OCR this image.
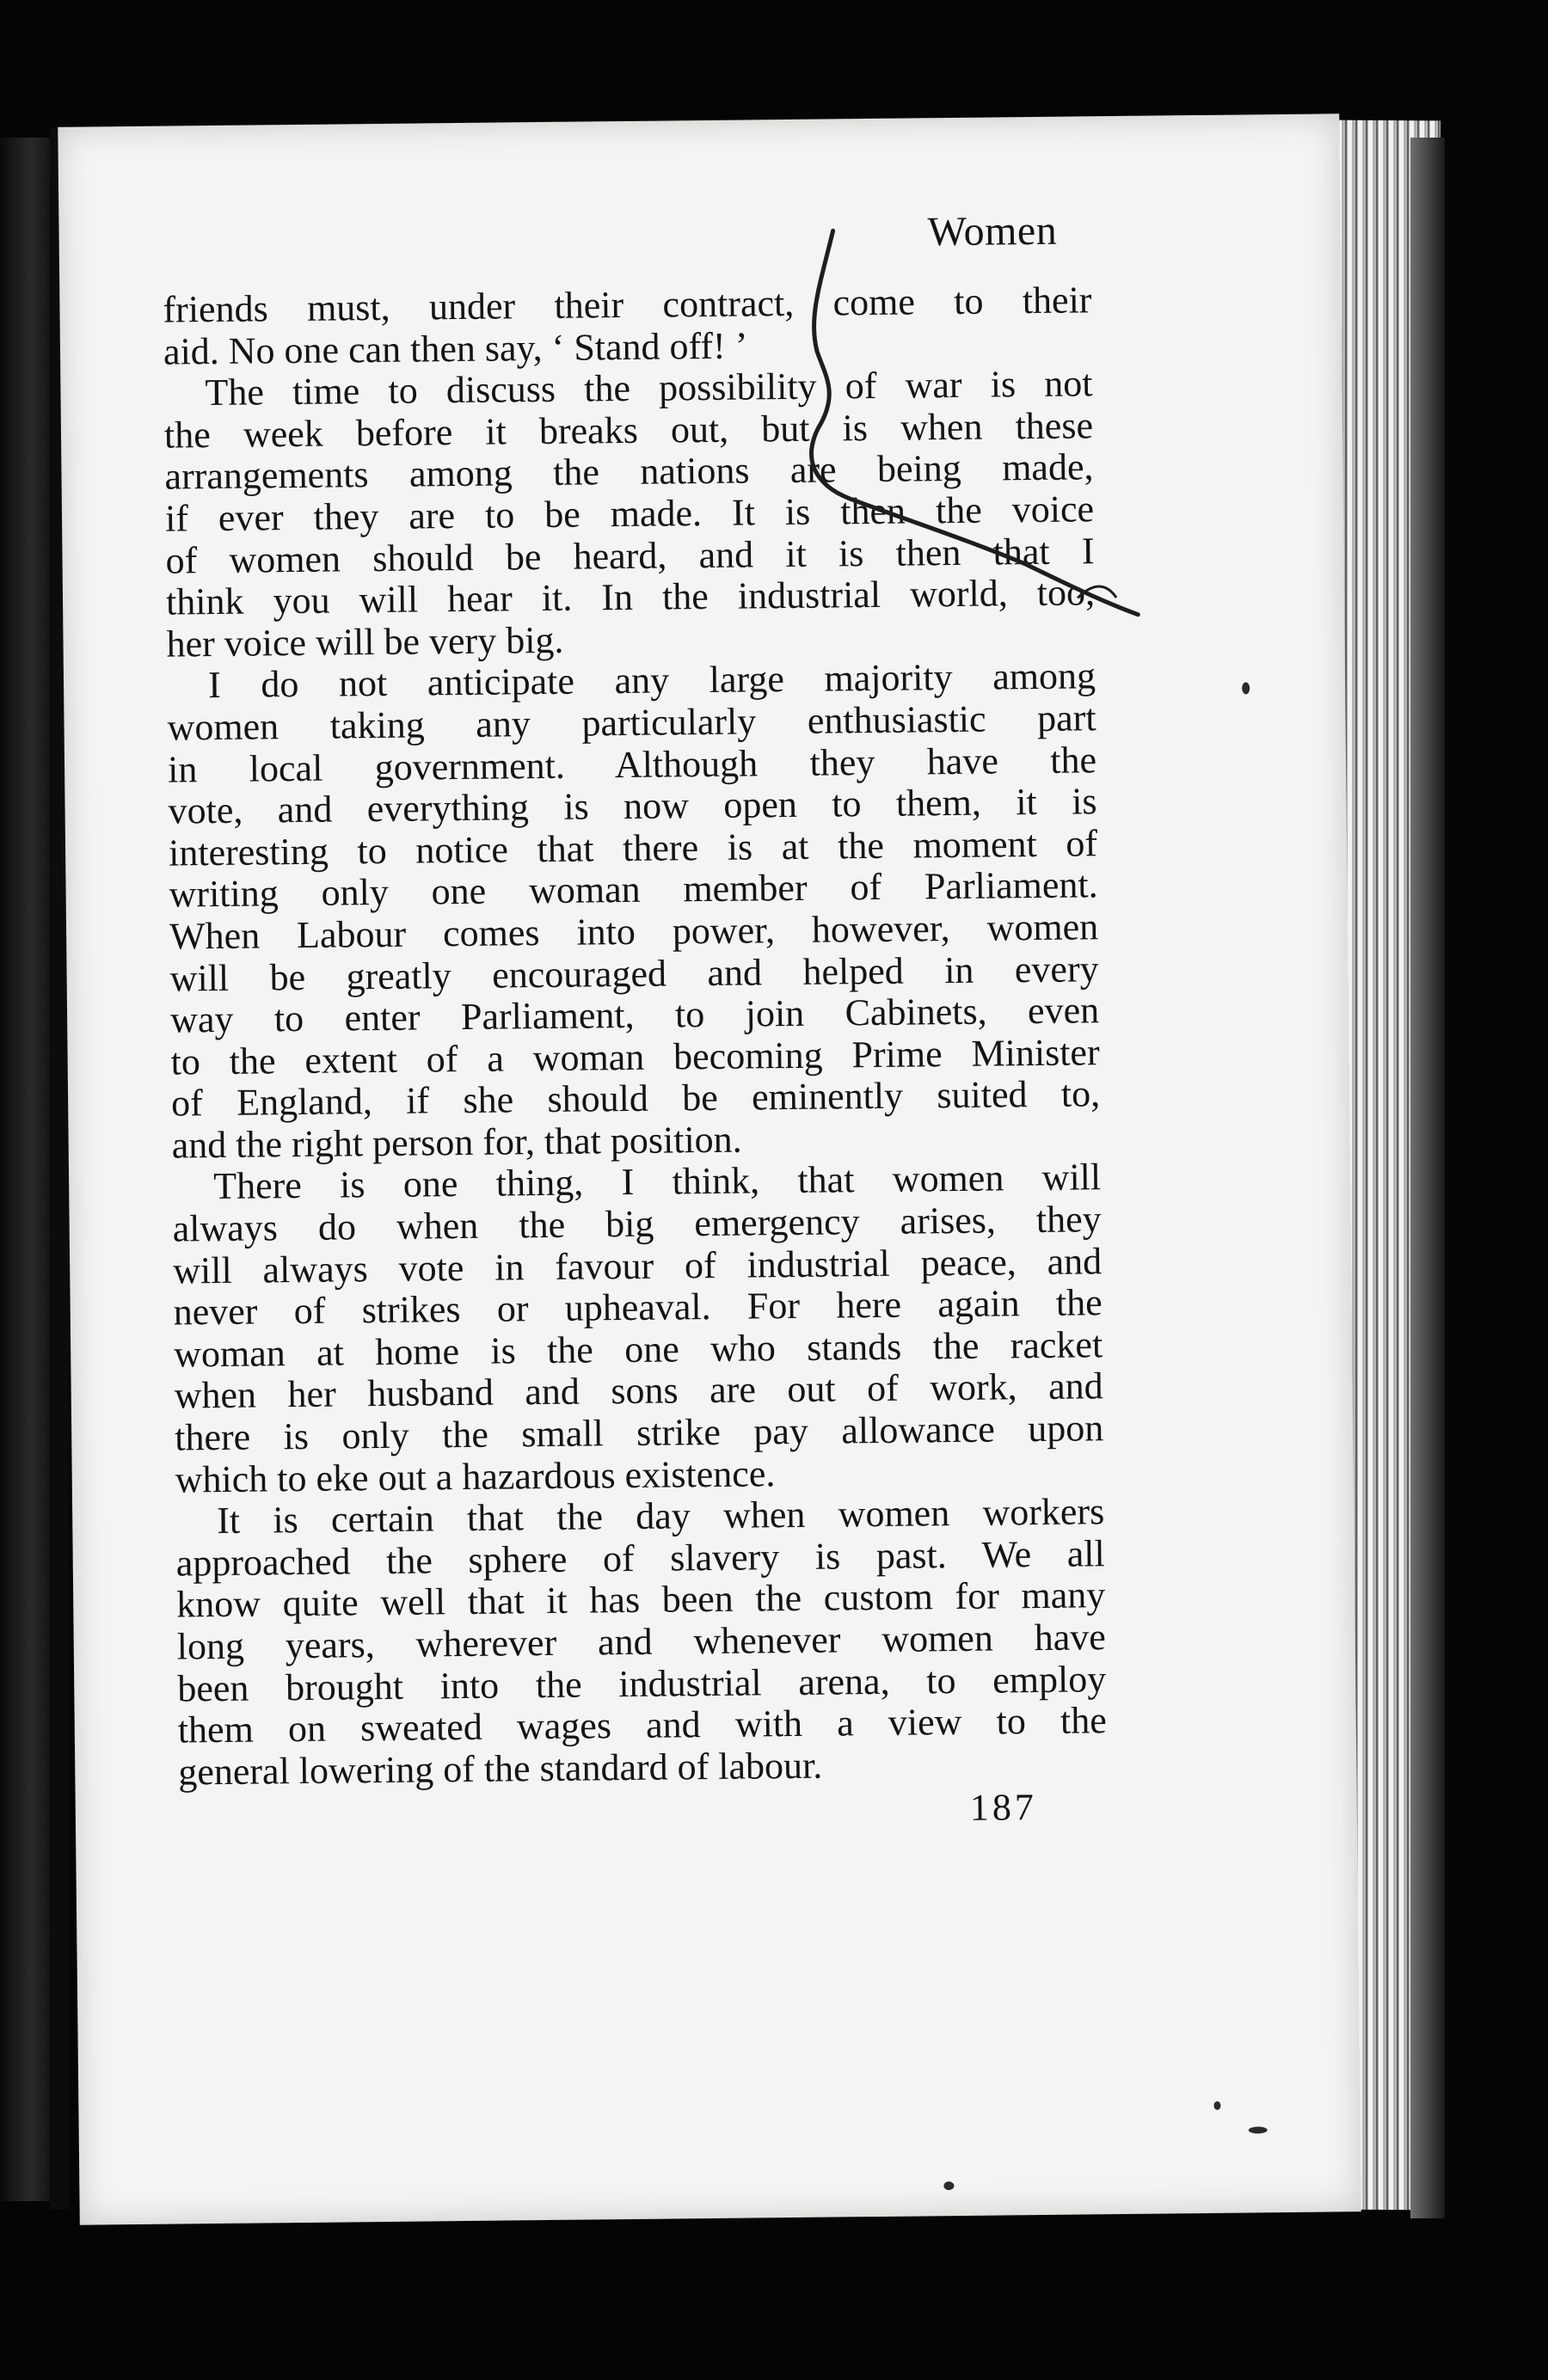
Women
friends must, under their contract, come to their
aid. No one can then say, ‘ Stand off! ’
The time to discuss the possibility of war is not
the week before it breaks out, but is when these
arrangements among the nations are being made,
if ever they are to be made. It is then the voice
of women should be heard, and it is then that I
think you will hear it. In the industrial world, too,
her voice will be very big.
I do not anticipate any large majority among
women taking any particularly enthusiastic part
in local government. Although they have the
vote, and everything is now open to them, it is
interesting to notice that there is at the moment of
writing only one woman member of Parliament.
When Labour comes into power, however, women
will be greatly encouraged and helped in every
way to enter Parliament, to join Cabinets, even
to the extent of a woman becoming Prime Minister
of England, if she should be eminently suited to,
and the right person for, that position.
There is one thing, I think, that women will
always do when the big emergency arises, they
will always vote in favour of industrial peace, and
never of strikes or upheaval. For here again the
woman at home is the one who stands the racket
when her husband and sons are out of work, and
there is only the small strike pay allowance upon
which to eke out a hazardous existence.
It is certain that the day when women workers
approached the sphere of slavery is past. We all
know quite well that it has been the custom for many
long years, wherever and whenever women have
been brought into the industrial arena, to employ
them on sweated wages and with a view to the
general lowering of the standard of labour.
187
